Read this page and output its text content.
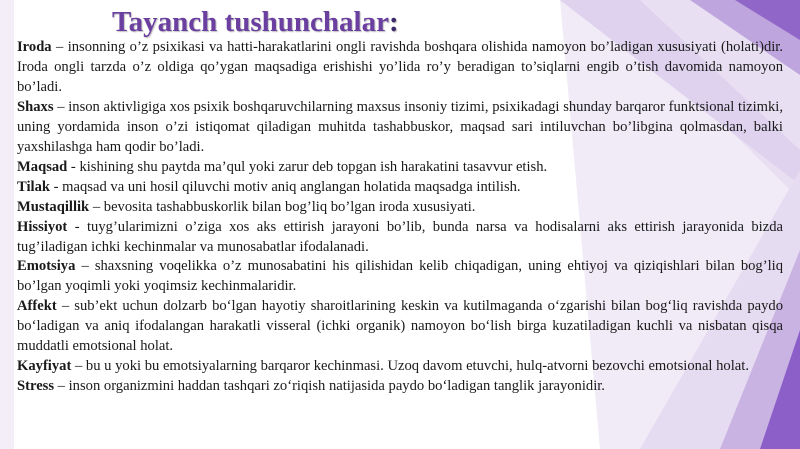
Tayanch tushunchalar:

Iroda – insonning o’z psixikasi va hatti-harakatlarini ongli ravishda boshqara olishida namoyon bo’ladigan xususiyati (holati)dir. Iroda ongli tarzda o’z oldiga qo’ygan maqsadiga erishishi yo’lida ro’y beradigan to’siqlarni engib o’tish davomida namoyon bo’ladi.

Shaxs – inson aktivligiga xos psixik boshqaruvchilarning maxsus insoniy tizimi, psixikadagi shunday barqaror funktsional tizimki, uning yordamida inson o’zi istiqomat qiladigan muhitda tashabbuskor, maqsad sari intiluvchan bo’libgina qolmasdan, balki yaxshilashga ham qodir bo’ladi.

Maqsad - kishining shu paytda ma’qul yoki zarur deb topgan ish harakatini tasavvur etish.

Tilak - maqsad va uni hosil qiluvchi motiv aniq anglangan holatida maqsadga intilish.

Mustaqillik – bevosita tashabbuskorlik bilan bog’liq bo’lgan iroda xususiyati.

Hissiyot - tuyg’ularimizni o’ziga xos aks ettirish jarayoni bo’lib, bunda narsa va hodisalarni aks ettirish jarayonida bizda tug’iladigan ichki kechinmalar va munosabatlar ifodalanadi.

Emotsiya – shaxsning voqelikka o’z munosabatini his qilishidan kelib chiqadigan, uning ehtiyoj va qiziqishlari bilan bog’liq bo’lgan yoqimli yoki yoqimsiz kechinmalaridir.

Affekt – sub’ekt uchun dolzarb bo‘lgan hayotiy sharoitlarining keskin va kutilmaganda o‘zgarishi bilan bog‘liq ravishda paydo bo‘ladigan va aniq ifodalangan harakatli visseral (ichki organik) namoyon bo‘lish birga kuzatiladigan kuchli va nisbatan qisqa muddatli emotsional holat.

Kayfiyat – bu u yoki bu emotsiyalarning barqaror kechinmasi. Uzoq davom etuvchi, hulq-atvorni bezovchi emotsional holat.

Stress – inson organizmini haddan tashqari zo‘riqish natijasida paydo bo‘ladigan tanglik jarayonidir.
